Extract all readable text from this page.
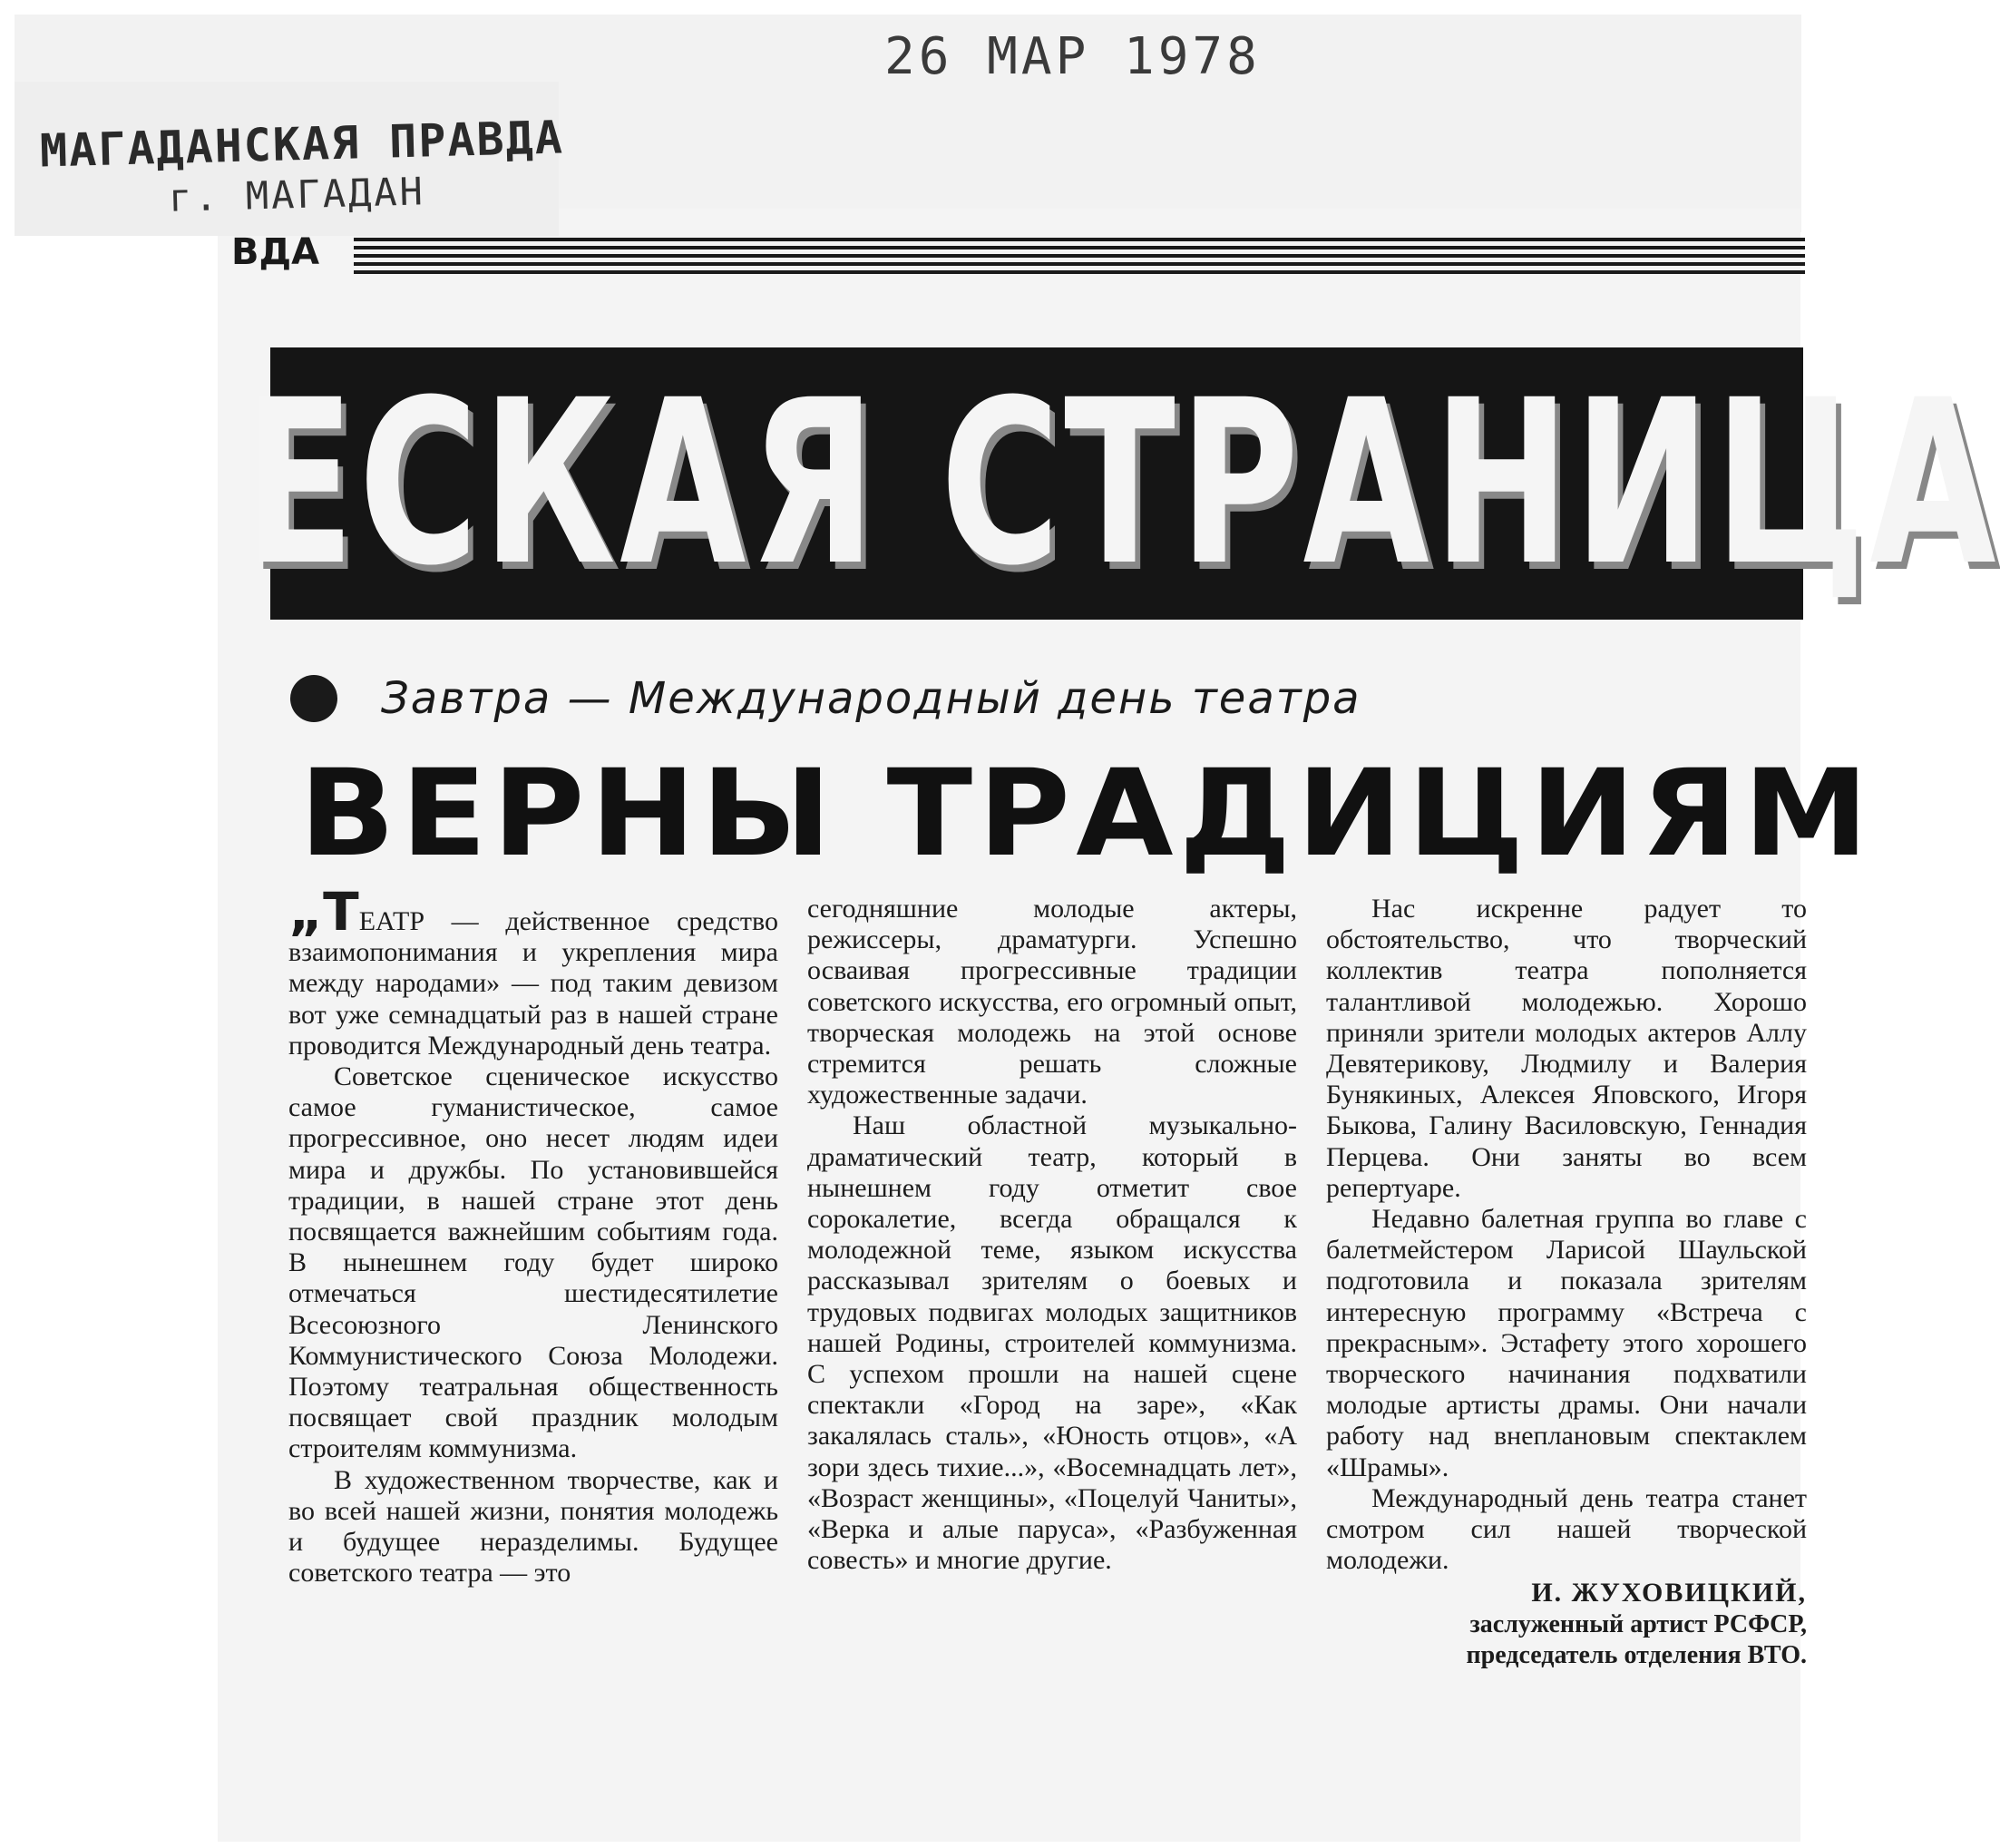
МАГАДАНСКАЯ ПРАВДА
г. МАГАДАН
26 МАР 1978
ВДА
ЕСКАЯ СТРАНИЦА
Завтра — Международный день театра
ВЕРНЫ ТРАДИЦИЯМ

„ТЕАТР — действенное средство взаимопонимания и укрепления мира между народами» — под таким девизом вот уже семнадцатый раз в нашей стране проводится Международный день театра.

Советское сценическое искусство самое гуманистическое, самое прогрессивное, оно несет людям идеи мира и дружбы. По установившейся традиции, в нашей стране этот день посвящается важнейшим событиям года. В нынешнем году будет широко отмечаться шестидесятилетие Всесоюзного Ленинского Коммунистического Союза Молодежи. Поэтому театральная общественность посвящает свой праздник молодым строителям коммунизма.

В художественном творчестве, как и во всей нашей жизни, понятия молодежь и будущее неразделимы. Будущее советского театра — это

сегодняшние молодые актеры, режиссеры, драматурги. Успешно осваивая прогрессивные традиции советского искусства, его огромный опыт, творческая молодежь на этой основе стремится решать сложные художественные задачи.

Наш областной музыкально-драматический театр, который в нынешнем году отметит свое сорокалетие, всегда обращался к молодежной теме, языком искусства рассказывал зрителям о боевых и трудовых подвигах молодых защитников нашей Родины, строителей коммунизма. С успехом прошли на нашей сцене спектакли «Город на заре», «Как закалялась сталь», «Юность отцов», «А зори здесь тихие...», «Восемнадцать лет», «Возраст женщины», «Поцелуй Чаниты», «Верка и алые паруса», «Разбуженная совесть» и многие другие.

Нас искренне радует то обстоятельство, что творческий коллектив театра пополняется талантливой молодежью. Хорошо приняли зрители молодых актеров Аллу Девятерикову, Людмилу и Валерия Бунякиных, Алексея Яповского, Игоря Быкова, Галину Василовскую, Геннадия Перцева. Они заняты во всем репертуаре.

Недавно балетная группа во главе с балетмейстером Ларисой Шаульской подготовила и показала зрителям интересную программу «Встреча с прекрасным». Эстафету этого хорошего творческого начинания подхватили молодые артисты драмы. Они начали работу над внеплановым спектаклем «Шрамы».

Международный день театра станет смотром сил нашей творческой молодежи.

И. ЖУХОВИЦКИЙ,
заслуженный артист РСФСР,
председатель отделения ВТО.
